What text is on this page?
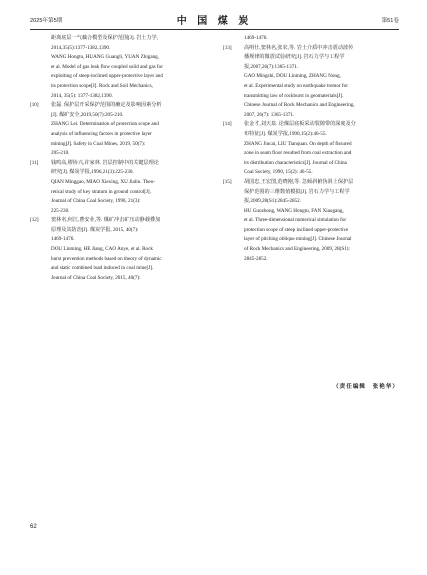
2025年第5期	中 国 煤 炭	第51卷

距离底层一气藕合模型及保护范围[J]. 岩土力学,

2014,35(5):1377-1382,1390.

WANG Hongtu, HUANG Guangli, YUAN Zhigang,

et al. Model of gas leak flow coupled solid and gas for

exploiting of steep-inclined upper-protective layer and

its protection scope[J]. Rock and Soil Mechanics,

2014, 35(5): 1377-1382,1390.

[10] 张磊. 保护层开采保护范围的确定及影响因素分析

[J]. 煤矿安全,2019,50(7):205-210.

ZHANG Lei. Determination of protection scope and

analysis of influencing factors in protective layer

mining[J]. Safety in Coal Mines, 2019, 50(7):

205-210.

[11] 钱鸣高,缪协兴,许家林. 岩层控制中的关键层理论

研究[J]. 煤炭学报,1996,21(3):225-230.

QIAN Minggao, MIAO Xiexing, XU Jialin. Theo-

retical study of key stratum in ground control[J].

Journal of China Coal Society, 1996, 21(3):

225-230.

[12] 窦林名,何江,曹安业,等. 煤矿冲击矿压动静载叠加

原理及其防治[J]. 煤炭学报, 2015, 40(7):

1469-1476.

DOU Linming, HE Jiang, CAO Anye, et al. Rock

burst prevention methods based on theory of dynamic

and static combined load induced in coal mine[J].

Journal of China Coal Society, 2015, 40(7):

1469-1476.

[13] 高明仕,窦林名,张农,等. 岩土介质中冲击震动波传

播规律的微震试验研究[J]. 岩石力学与工程学

报,2007,26(7):1365-1371.

GAO Mingshi, DOU Linming, ZHANG Nong,

et al. Experimental study on earthquake tremor for

transmitting law of rockburst in geomaterials[J].

Chinese Journal of Rock Mechanics and Engineering,

2007, 26(7): 1365-1371.

[14] 张金才,刘天泉. 论煤层底板采动裂隙带的深度及分

布特征[J]. 煤炭学报,1990,15(2):46-55.

ZHANG Jincai, LIU Tianquan. On depth of fissured

zone in seam floor resulted from coal extraction and

its distribution characteristics[J]. Journal of China

Coal Society, 1990, 15(2): 46-55.

[15] 胡国忠,王宏图,范晓刚,等. 急倾斜俯伪斜上保护层

保护范围的三维数值模拟[J]. 岩石力学与工程学

报,2009,28(S1):2845-2852.

HU Guozhong, WANG Hongtu, FAN Xiaogang,

et al. Three-dimensional numerical simulation for

protection scope of steep inclined upper-protective

layer of pitching oblique mining[J]. Chinese Journal

of Rock Mechanics and Engineering, 2009, 28(S1):

2845-2852.

（责任编辑　张艳华）
62
